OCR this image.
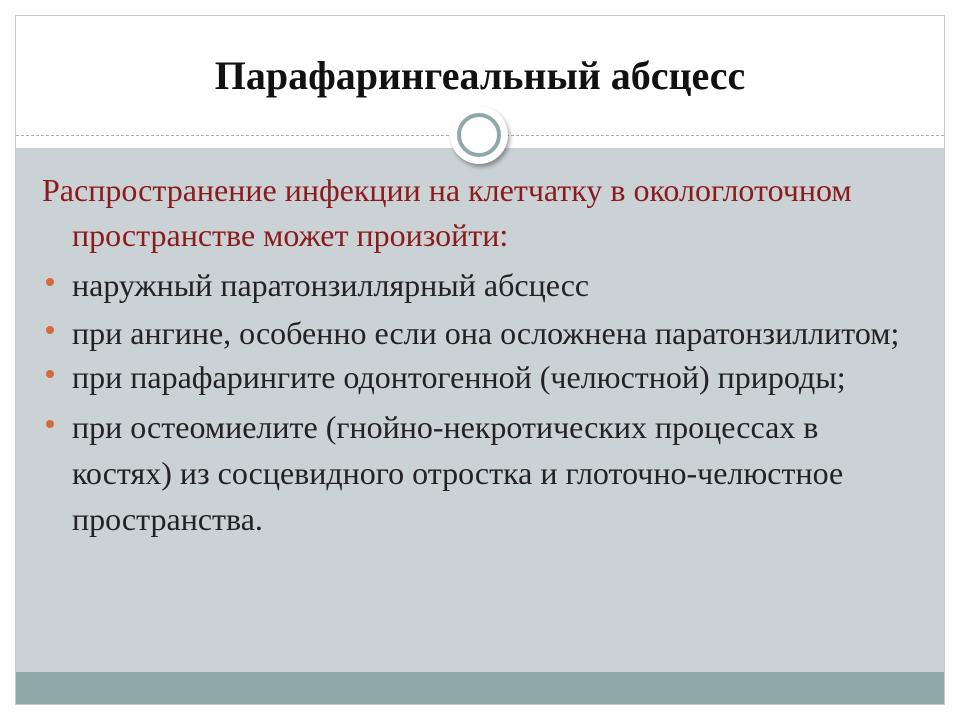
Парафарингеальный абсцесс

Распространение инфекции на клетчатку в окологлоточном пространстве может произойти:

наружный паратонзиллярный абсцесс
при ангине, особенно если она осложнена паратонзиллитом;
при парафарингите одонтогенной (челюстной) природы;
при остеомиелите (гнойно-некротических процессах в костях) из сосцевидного отростка и глоточно-челюстное пространства.
